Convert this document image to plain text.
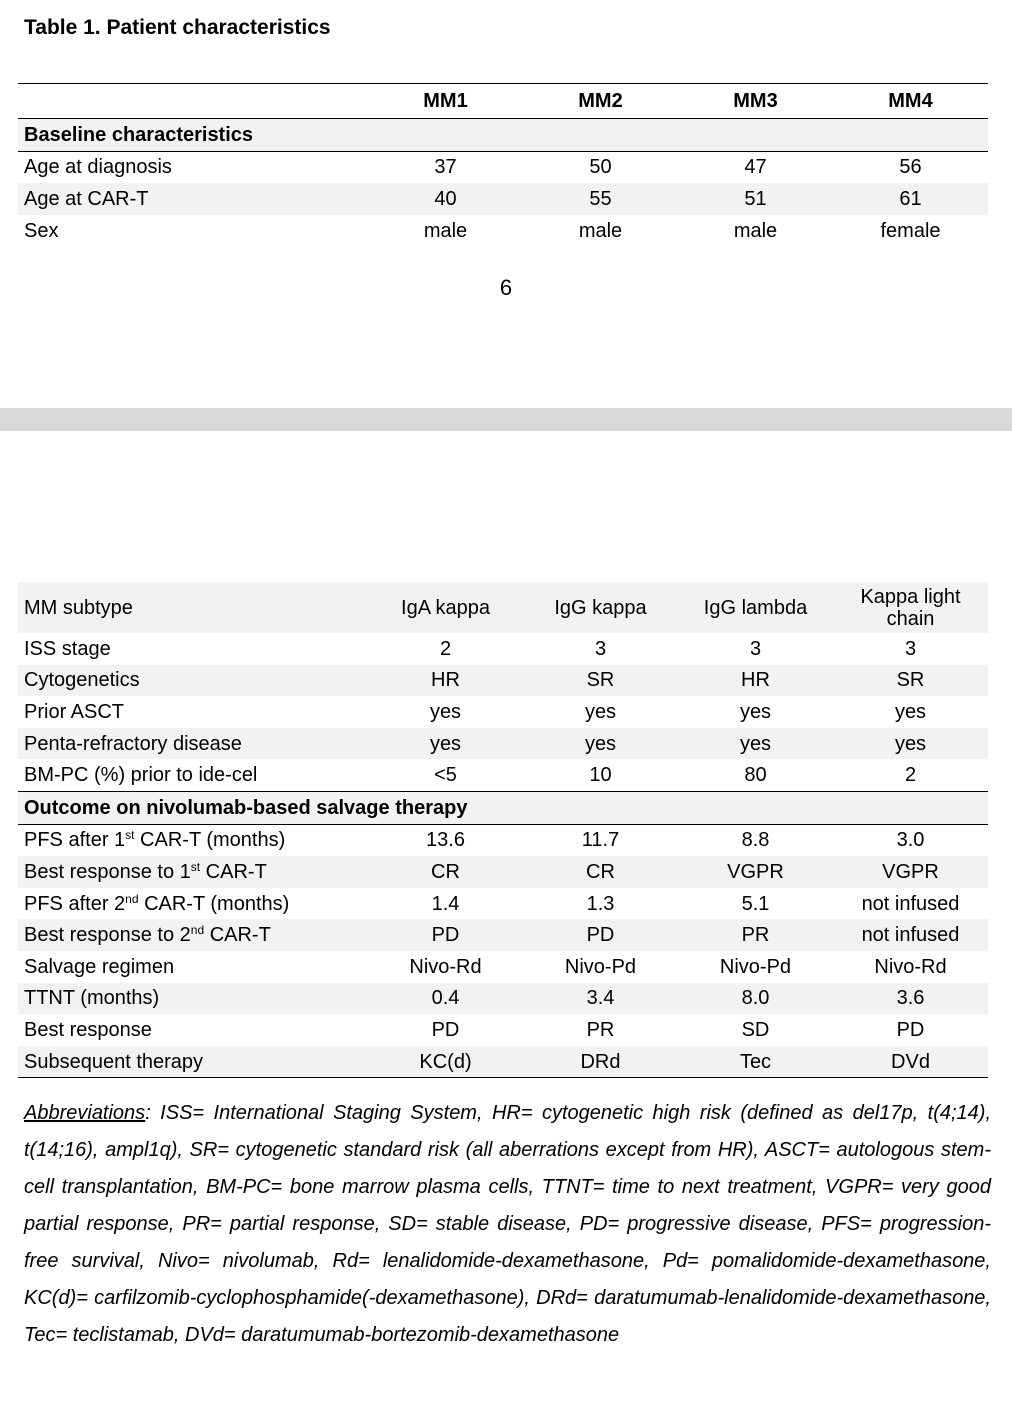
Table 1. Patient characteristics
	MM1	MM2	MM3	MM4
Baseline characteristics				
Age at diagnosis	37	50	47	56
Age at CAR-T	40	55	51	61
Sex	male	male	male	female
6
MM subtype	IgA kappa	IgG kappa	IgG lambda	Kappa light chain
ISS stage	2	3	3	3
Cytogenetics	HR	SR	HR	SR
Prior ASCT	yes	yes	yes	yes
Penta-refractory disease	yes	yes	yes	yes
BM-PC (%) prior to ide-cel	<5	10	80	2
Outcome on nivolumab-based salvage therapy				
PFS after 1st CAR-T (months)	13.6	11.7	8.8	3.0
Best response to 1st CAR-T	CR	CR	VGPR	VGPR
PFS after 2nd CAR-T (months)	1.4	1.3	5.1	not infused
Best response to 2nd CAR-T	PD	PD	PR	not infused
Salvage regimen	Nivo-Rd	Nivo-Pd	Nivo-Pd	Nivo-Rd
TTNT (months)	0.4	3.4	8.0	3.6
Best response	PD	PR	SD	PD
Subsequent therapy	KC(d)	DRd	Tec	DVd

Abbreviations: ISS= International Staging System, HR= cytogenetic high risk (defined as del17p, t(4;14), t(14;16), ampl1q), SR= cytogenetic standard risk (all aberrations except from HR), ASCT= autologous stem-cell transplantation, BM-PC= bone marrow plasma cells, TTNT= time to next treatment, VGPR= very good partial response, PR= partial response, SD= stable disease, PD= progressive disease, PFS= progression-free survival, Nivo= nivolumab, Rd= lenalidomide-dexamethasone, Pd= pomalidomide-dexamethasone, KC(d)= carfilzomib-cyclophosphamide(-dexamethasone), DRd= daratumumab-lenalidomide-dexamethasone, Tec= teclistamab, DVd= daratumumab-bortezomib-dexamethasone
